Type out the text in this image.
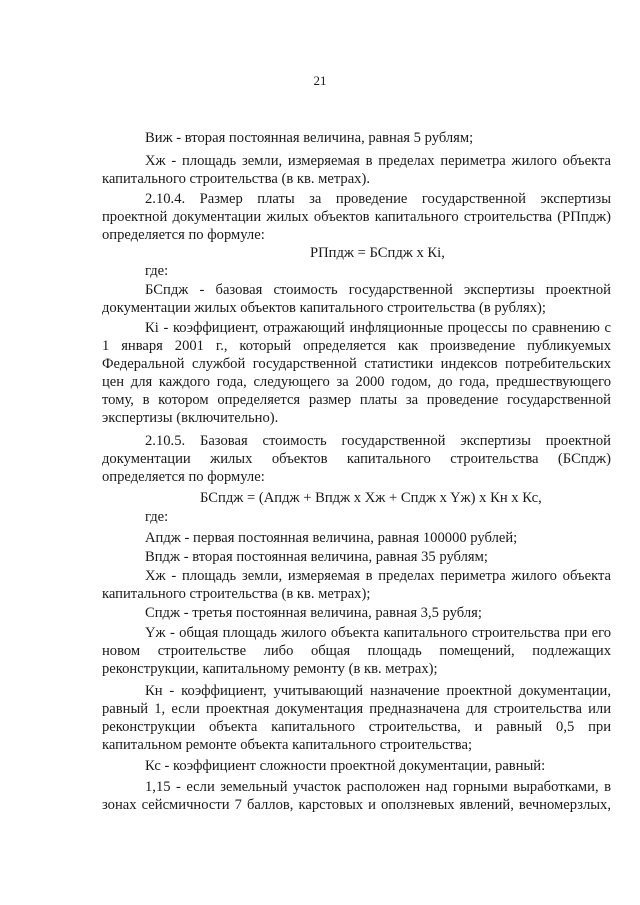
21
Виж - вторая постоянная величина, равная 5 рублям;
Хж - площадь земли, измеряемая в пределах периметра жилого объекта
капитального строительства (в кв. метрах).
2.10.4. Размер платы за проведение государственной экспертизы
проектной документации жилых объектов капитального строительства (РПпдж)
определяется по формуле:
РПпдж = БСпдж x Кi,
где:
БСпдж - базовая стоимость государственной экспертизы проектной
документации жилых объектов капитального строительства (в рублях);
Кi - коэффициент, отражающий инфляционные процессы по сравнению с
1 января 2001 г., который определяется как произведение публикуемых
Федеральной службой государственной статистики индексов потребительских
цен для каждого года, следующего за 2000 годом, до года, предшествующего
тому, в котором определяется размер платы за проведение государственной
экспертизы (включительно).
2.10.5. Базовая стоимость государственной экспертизы проектной
документации жилых объектов капитального строительства (БСпдж)
определяется по формуле:
БСпдж = (Апдж + Впдж x Хж + Спдж x Yж) x Кн x Кс,
где:
Апдж - первая постоянная величина, равная 100000 рублей;
Впдж - вторая постоянная величина, равная 35 рублям;
Хж - площадь земли, измеряемая в пределах периметра жилого объекта
капитального строительства (в кв. метрах);
Спдж - третья постоянная величина, равная 3,5 рубля;
Yж - общая площадь жилого объекта капитального строительства при его
новом строительстве либо общая площадь помещений, подлежащих
реконструкции, капитальному ремонту (в кв. метрах);
Кн - коэффициент, учитывающий назначение проектной документации,
равный 1, если проектная документация предназначена для строительства или
реконструкции объекта капитального строительства, и равный 0,5 при
капитальном ремонте объекта капитального строительства;
Кс - коэффициент сложности проектной документации, равный:
1,15 - если земельный участок расположен над горными выработками, в
зонах сейсмичности 7 баллов, карстовых и оползневых явлений, вечномерзлых,
